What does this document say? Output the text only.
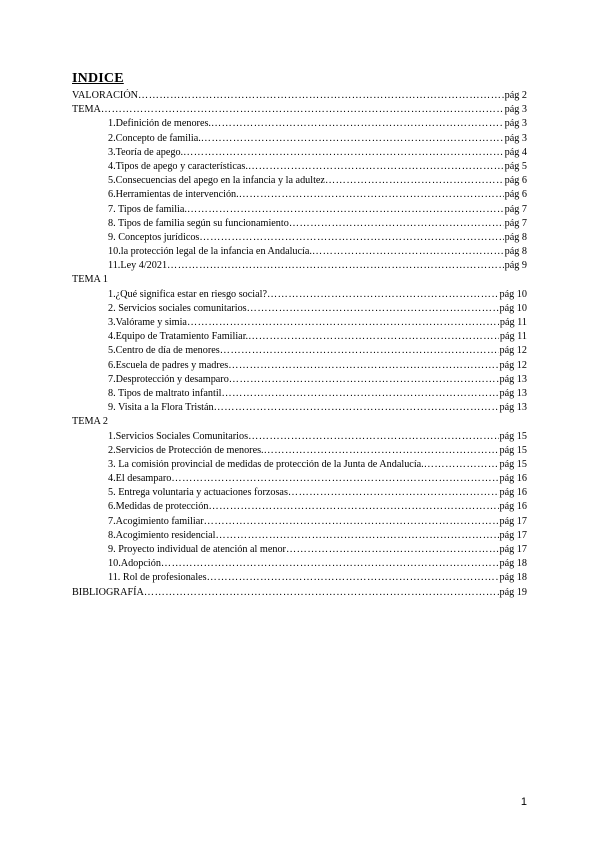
INDICE
VALORACIÓN …………………………………………………………………………………………………………………………………………………………………………………………………	pág 2
TEMA …………………………………………………………………………………………………………………………………………………………………………………………………	pág 3
1.Definición de menores. …………………………………………………………………………………………………………………………………………………………………………………………………	pág 3
2.Concepto de familia. …………………………………………………………………………………………………………………………………………………………………………………………………	pág 3
3.Teoría de apego. …………………………………………………………………………………………………………………………………………………………………………………………………	pág 4
4.Tipos de apego y características. …………………………………………………………………………………………………………………………………………………………………………………………………	pág 5
5.Consecuencias del apego en la infancia y la adultez …………………………………………………………………………………………………………………………………………………………………………………………………	pág 6
6.Herramientas de intervención. …………………………………………………………………………………………………………………………………………………………………………………………………	pág 6
7. Tipos de familia. …………………………………………………………………………………………………………………………………………………………………………………………………	pág 7
8. Tipos de familia según su funcionamiento …………………………………………………………………………………………………………………………………………………………………………………………………	pág 7
9. Conceptos jurídicos …………………………………………………………………………………………………………………………………………………………………………………………………	pág 8
10.la protección legal de la infancia en Andalucía. …………………………………………………………………………………………………………………………………………………………………………………………………	pág 8
11.Ley 4/2021 …………………………………………………………………………………………………………………………………………………………………………………………………	pág 9
TEMA 1
1.¿Qué significa estar en riesgo social? …………………………………………………………………………………………………………………………………………………………………………………………………	pág 10
2. Servicios sociales comunitarios …………………………………………………………………………………………………………………………………………………………………………………………………	pág 10
3.Valórame y simia …………………………………………………………………………………………………………………………………………………………………………………………………	pág 11
4.Equipo de Tratamiento Familiar. …………………………………………………………………………………………………………………………………………………………………………………………………	pág 11
5.Centro de día de menores …………………………………………………………………………………………………………………………………………………………………………………………………	pág 12
6.Escuela de padres y madres …………………………………………………………………………………………………………………………………………………………………………………………………	pág 12
7.Desprotección y desamparo …………………………………………………………………………………………………………………………………………………………………………………………………	pág 13
8. Tipos de maltrato infantil …………………………………………………………………………………………………………………………………………………………………………………………………	pág 13
9. Visita a la Flora Tristán …………………………………………………………………………………………………………………………………………………………………………………………………	pág 13
TEMA 2
1.Servicios Sociales Comunitarios …………………………………………………………………………………………………………………………………………………………………………………………………	pág 15
2.Servicios de Protección de menores. …………………………………………………………………………………………………………………………………………………………………………………………………	pág 15
3. La comisión provincial de medidas de protección de la Junta de Andalucía. …………………………………………………………………………………………………………………………………………………………………………………………………	pág 15
4.El desamparo …………………………………………………………………………………………………………………………………………………………………………………………………	pág 16
5. Entrega voluntaria y actuaciones forzosas …………………………………………………………………………………………………………………………………………………………………………………………………	pág 16
6.Medidas de protección …………………………………………………………………………………………………………………………………………………………………………………………………	pág 16
7.Acogimiento familiar …………………………………………………………………………………………………………………………………………………………………………………………………	pág 17
8.Acogimiento residencial …………………………………………………………………………………………………………………………………………………………………………………………………	pág 17
9. Proyecto individual de atención al menor …………………………………………………………………………………………………………………………………………………………………………………………………	pág 17
10.Adopción …………………………………………………………………………………………………………………………………………………………………………………………………	pág 18
11. Rol de profesionales …………………………………………………………………………………………………………………………………………………………………………………………………	pág 18
BIBLIOGRAFÍA …………………………………………………………………………………………………………………………………………………………………………………………………	pág 19
1
